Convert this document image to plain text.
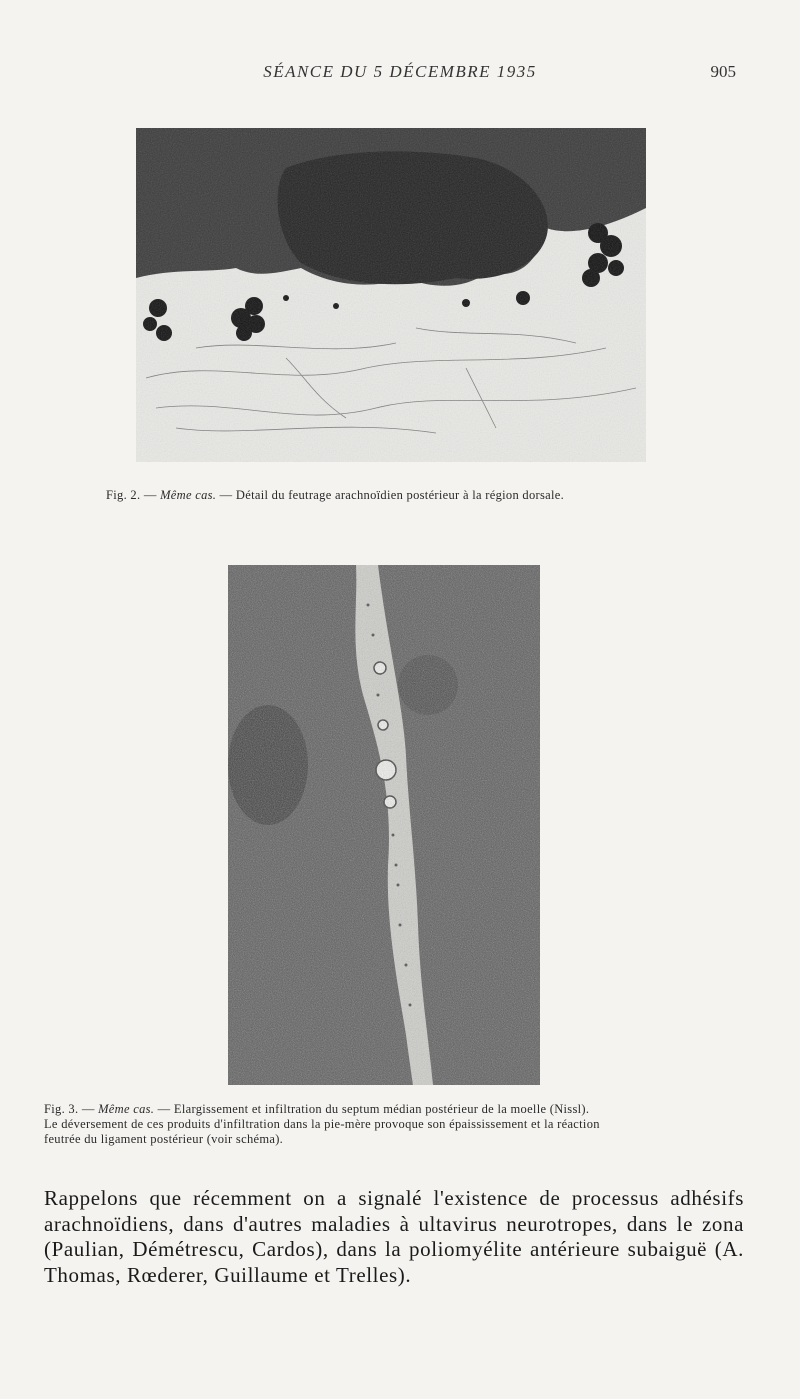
SÉANCE DU 5 DÉCEMBRE 1935	905
Fig. 2. — Même cas. — Détail du feutrage arachnoïdien postérieur à la région dorsale.
Fig. 3. — Même cas. — Elargissement et infiltration du septum médian postérieur de la moelle (Nissl).
Le déversement de ces produits d'infiltration dans la pie-mère provoque son épaississement et la réaction
feutrée du ligament postérieur (voir schéma).
Rappelons que récemment on a signalé l'existence de processus adhésifs arachnoïdiens, dans d'autres maladies à ultavirus neurotropes, dans le zona (Paulian, Démétrescu, Cardos), dans la poliomyélite antérieure subaiguë (A. Thomas, Rœderer, Guillaume et Trelles).
